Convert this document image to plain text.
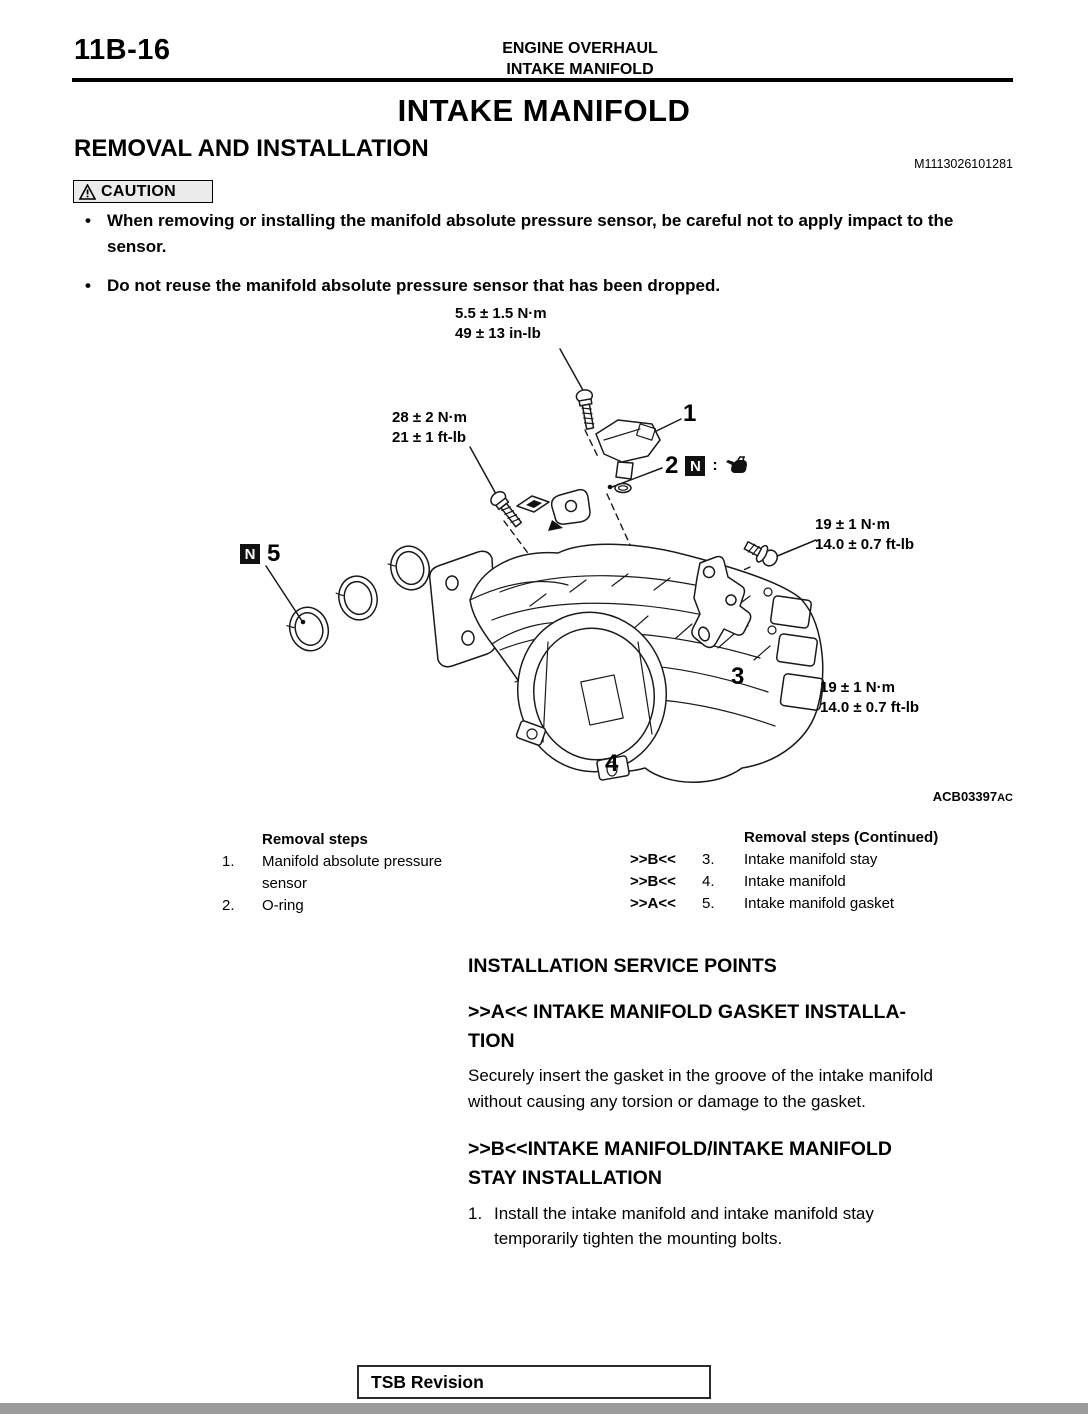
11B-16	ENGINE OVERHAUL
INTAKE MANIFOLD
INTAKE MANIFOLD
REMOVAL AND INSTALLATION
M1113026101281
CAUTION
• When removing or installing the manifold absolute pressure sensor, be careful not to apply impact to the sensor.
• Do not reuse the manifold absolute pressure sensor that has been dropped.
5.5 ± 1.5 N·m
49 ± 13 in-lb
28 ± 2 N·m
21 ± 1 ft-lb
19 ± 1 N·m
14.0 ± 0.7 ft-lb
19 ± 1 N·m
14.0 ± 0.7 ft-lb
1
2 N :
N 5
3
4
ACB03397AC
Removal steps
1.	Manifold absolute pressure sensor
2.	O-ring
Removal steps (Continued)
>>B<<	3.	Intake manifold stay
>>B<<	4.	Intake manifold
>>A<<	5.	Intake manifold gasket
INSTALLATION SERVICE POINTS
>>A<< INTAKE MANIFOLD GASKET INSTALLA-
TION
Securely insert the gasket in the groove of the intake manifold
without causing any torsion or damage to the gasket.
>>B<<INTAKE MANIFOLD/INTAKE MANIFOLD
STAY INSTALLATION
1. Install the intake manifold and intake manifold stay
temporarily tighten the mounting bolts.
TSB Revision
